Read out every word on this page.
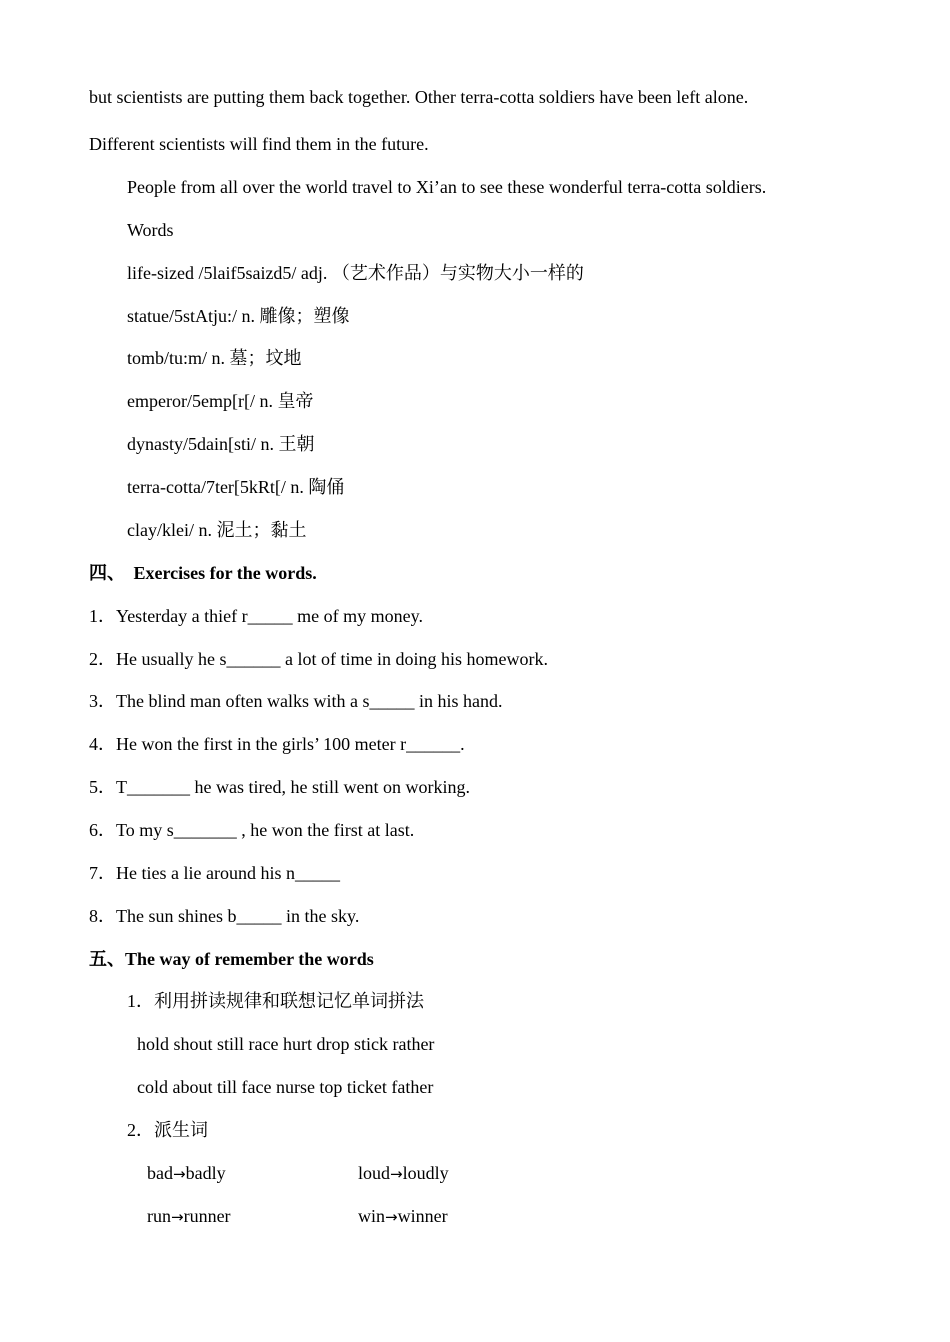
but scientists are putting them back together. Other terra-cotta soldiers have been left alone.
Different scientists will find them in the future.
People from all over the world travel to Xi’an to see these wonderful terra-cotta soldiers.
Words
life-sized /5laif5saizd5/ adj. （艺术作品）与实物大小一样的
statue/5stAtju:/ n. 雕像；塑像
tomb/tu:m/ n. 墓；坟地
emperor/5emp[r[/ n. 皇帝
dynasty/5dain[sti/ n. 王朝
terra-cotta/7ter[5kRt[/ n. 陶俑
clay/klei/ n. 泥土；黏土
四、 Exercises for the words.
1．Yesterday a thief r_____ me of my money.
2．He usually he s______ a lot of time in doing his homework.
3．The blind man often walks with a s_____ in his hand.
4．He won the first in the girls’ 100 meter r______.
5．T_______ he was tired, he still went on working.
6．To my s_______ , he won the first at last.
7．He ties a lie around his n_____
8．The sun shines b_____ in the sky.
五、The way of remember the words
1．利用拼读规律和联想记忆单词拼法
hold shout still race hurt drop stick rather
cold about till face nurse top ticket father
2．派生词
bad→badly	loud→loudly
run→runner	win→winner
